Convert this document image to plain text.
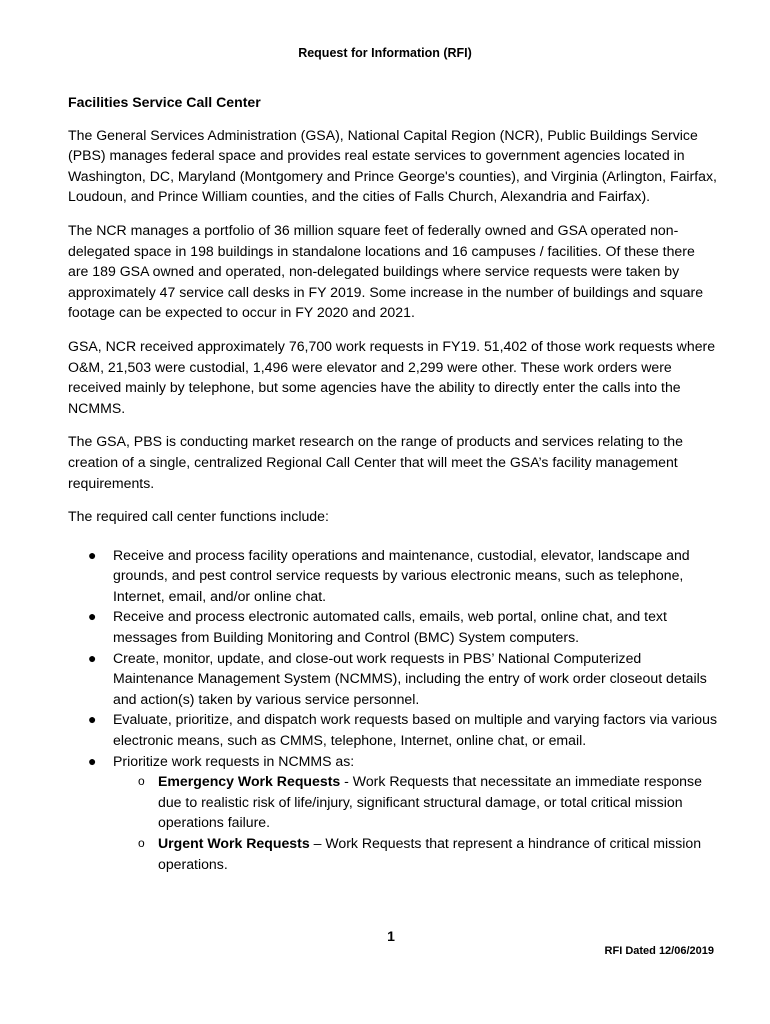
Request for Information (RFI)
Facilities Service Call Center

The General Services Administration (GSA), National Capital Region (NCR), Public Buildings Service (PBS) manages federal space and provides real estate services to government agencies located in Washington, DC, Maryland (Montgomery and Prince George's counties), and Virginia (Arlington, Fairfax, Loudoun, and Prince William counties, and the cities of Falls Church, Alexandria and Fairfax).

The NCR manages a portfolio of 36 million square feet of federally owned and GSA operated non-delegated space in 198 buildings in standalone locations and 16 campuses / facilities. Of these there are 189 GSA owned and operated, non-delegated buildings where service requests were taken by approximately 47 service call desks in FY 2019. Some increase in the number of buildings and square footage can be expected to occur in FY 2020 and 2021.

GSA, NCR received approximately 76,700 work requests in FY19. 51,402 of those work requests where O&M, 21,503 were custodial, 1,496 were elevator and 2,299 were other. These work orders were received mainly by telephone, but some agencies have the ability to directly enter the calls into the NCMMS.

The GSA, PBS is conducting market research on the range of products and services relating to the creation of a single, centralized Regional Call Center that will meet the GSA’s facility management requirements.

The required call center functions include:

● Receive and process facility operations and maintenance, custodial, elevator, landscape and grounds, and pest control service requests by various electronic means, such as telephone, Internet, email, and/or online chat.
● Receive and process electronic automated calls, emails, web portal, online chat, and text messages from Building Monitoring and Control (BMC) System computers.
● Create, monitor, update, and close-out work requests in PBS’ National Computerized Maintenance Management System (NCMMS), including the entry of work order closeout details and action(s) taken by various service personnel.
● Evaluate, prioritize, and dispatch work requests based on multiple and varying factors via various electronic means, such as CMMS, telephone, Internet, online chat, or email.
● Prioritize work requests in NCMMS as:
o Emergency Work Requests - Work Requests that necessitate an immediate response due to realistic risk of life/injury, significant structural damage, or total critical mission operations failure.
o Urgent Work Requests – Work Requests that represent a hindrance of critical mission operations.
1
RFI Dated 12/06/2019
